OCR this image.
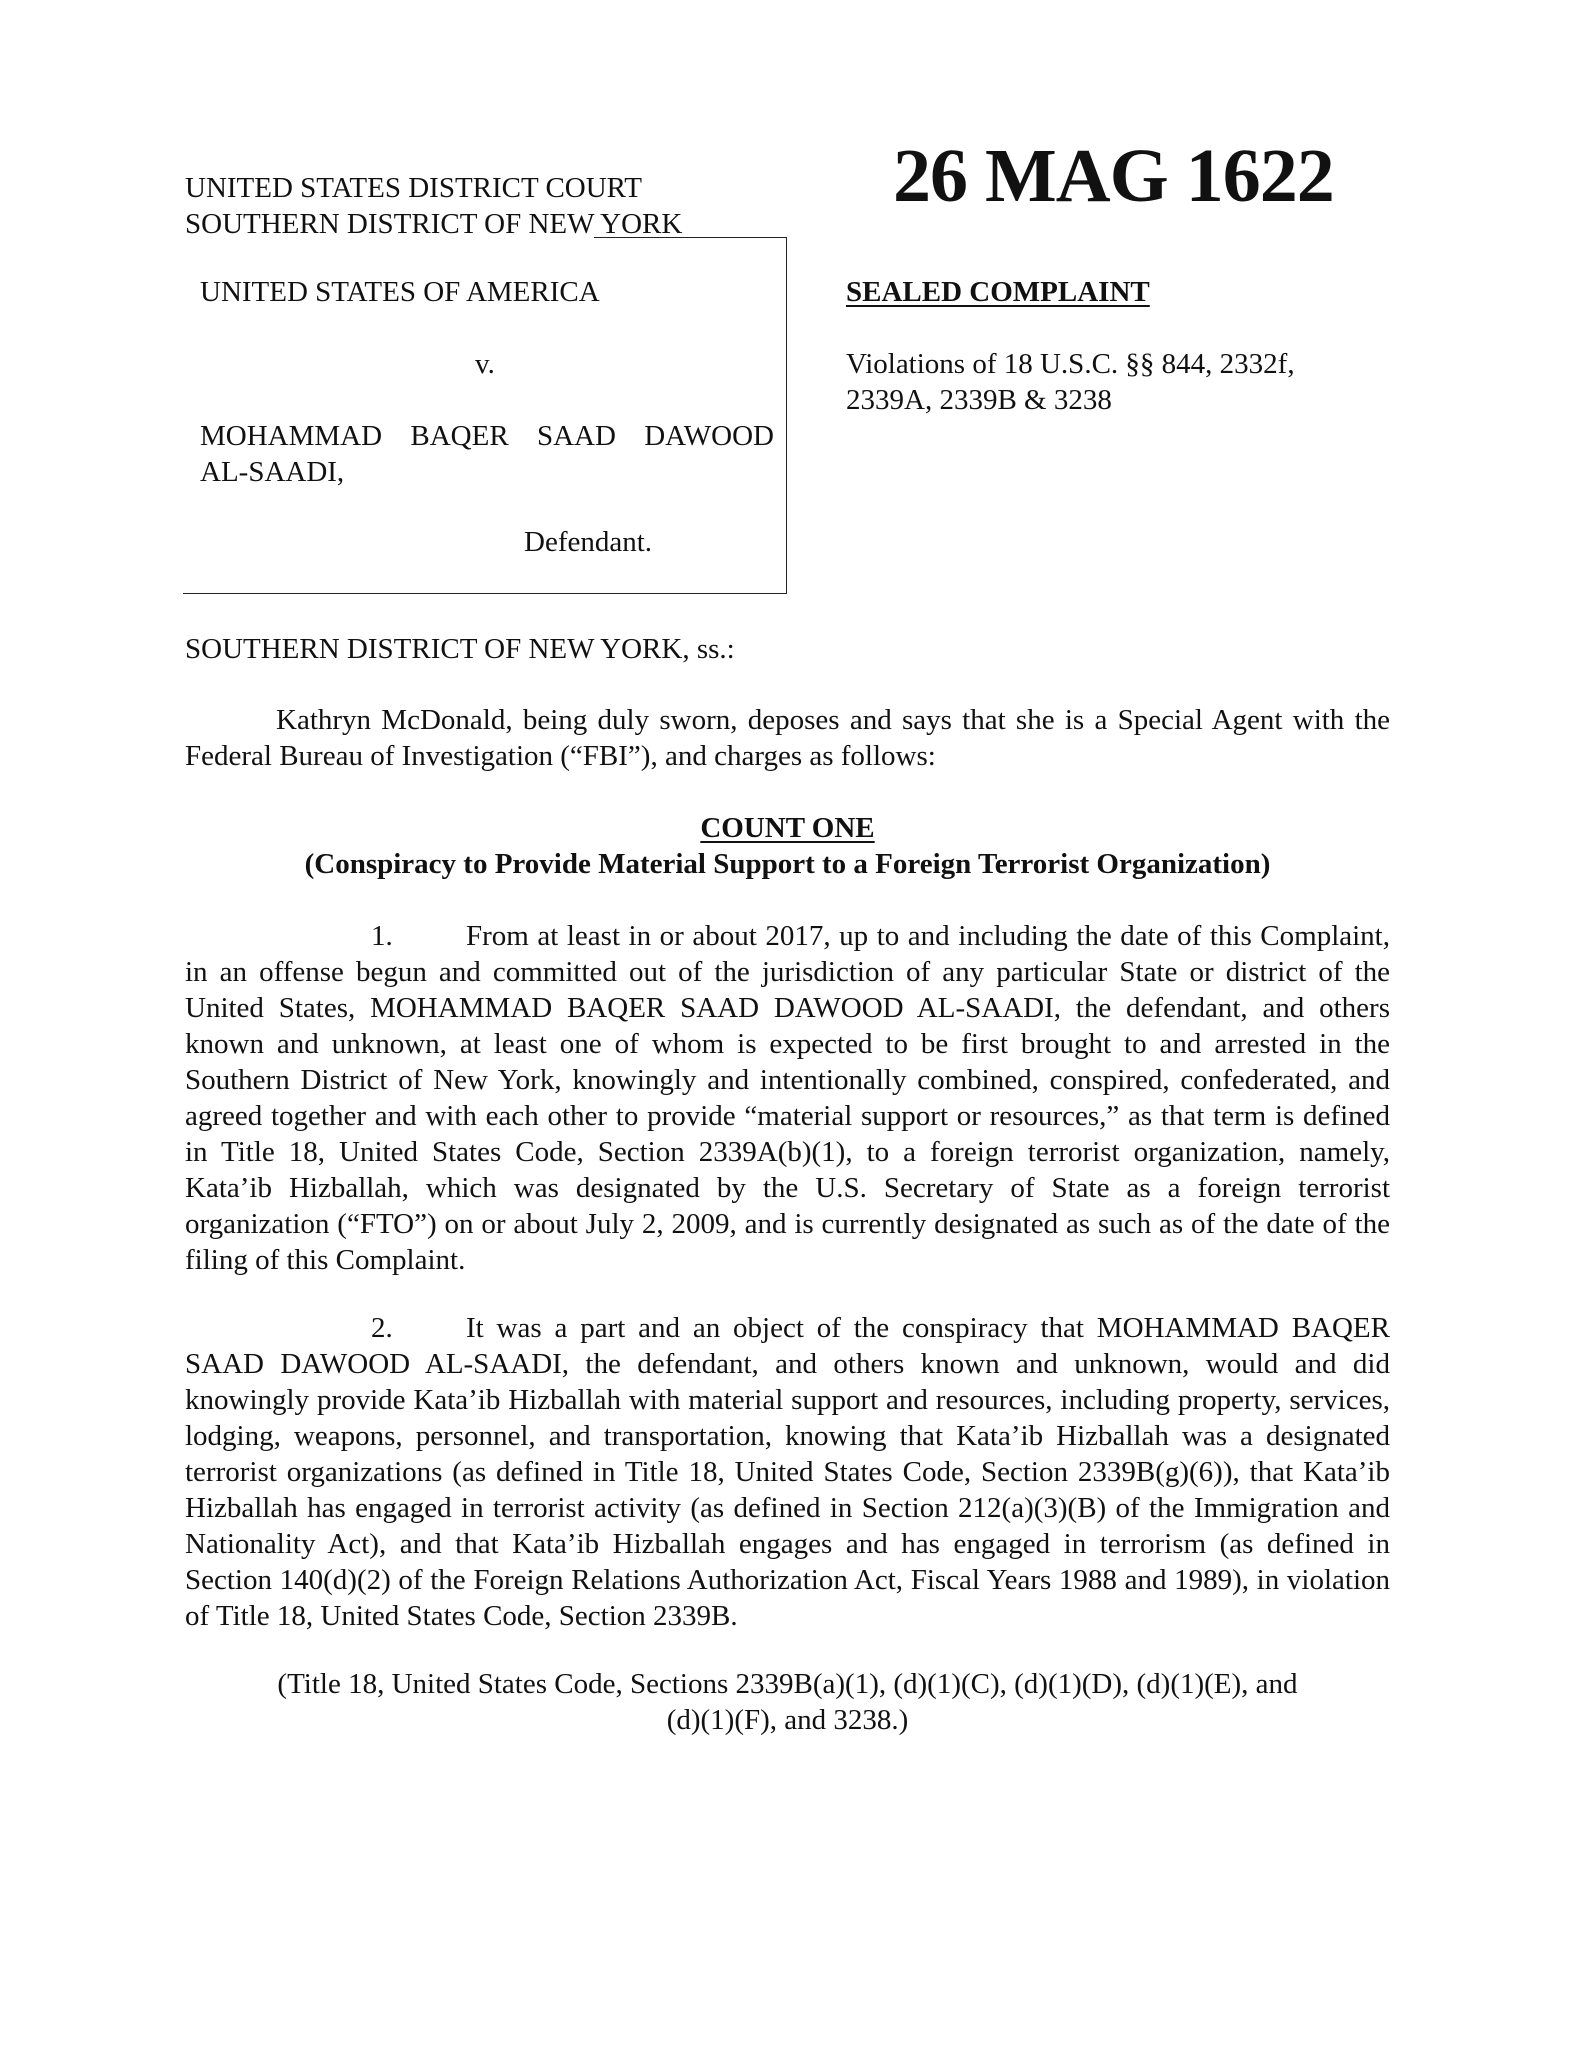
UNITED STATES DISTRICT COURT
SOUTHERN DISTRICT OF NEW YORK
26 MAG 1622
UNITED STATES OF AMERICA
v.
MOHAMMAD BAQER SAAD DAWOOD
AL-SAADI,
Defendant.
SEALED COMPLAINT
Violations of 18 U.S.C. §§ 844, 2332f, 2339A, 2339B & 3238
SOUTHERN DISTRICT OF NEW YORK, ss.:
Kathryn McDonald, being duly sworn, deposes and says that she is a Special Agent with the Federal Bureau of Investigation (“FBI”), and charges as follows:
COUNT ONE
(Conspiracy to Provide Material Support to a Foreign Terrorist Organization)
1.	From at least in or about 2017, up to and including the date of this Complaint, in an offense begun and committed out of the jurisdiction of any particular State or district of the United States, MOHAMMAD BAQER SAAD DAWOOD AL-SAADI, the defendant, and others known and unknown, at least one of whom is expected to be first brought to and arrested in the Southern District of New York, knowingly and intentionally combined, conspired, confederated, and agreed together and with each other to provide “material support or resources,” as that term is defined in Title 18, United States Code, Section 2339A(b)(1), to a foreign terrorist organization, namely, Kata’ib Hizballah, which was designated by the U.S. Secretary of State as a foreign terrorist organization (“FTO”) on or about July 2, 2009, and is currently designated as such as of the date of the filing of this Complaint.
2.	It was a part and an object of the conspiracy that MOHAMMAD BAQER SAAD DAWOOD AL-SAADI, the defendant, and others known and unknown, would and did knowingly provide Kata’ib Hizballah with material support and resources, including property, services, lodging, weapons, personnel, and transportation, knowing that Kata’ib Hizballah was a designated terrorist organizations (as defined in Title 18, United States Code, Section 2339B(g)(6)), that Kata’ib Hizballah has engaged in terrorist activity (as defined in Section 212(a)(3)(B) of the Immigration and Nationality Act), and that Kata’ib Hizballah engages and has engaged in terrorism (as defined in Section 140(d)(2) of the Foreign Relations Authorization Act, Fiscal Years 1988 and 1989), in violation of Title 18, United States Code, Section 2339B.
(Title 18, United States Code, Sections 2339B(a)(1), (d)(1)(C), (d)(1)(D), (d)(1)(E), and
(d)(1)(F), and 3238.)
